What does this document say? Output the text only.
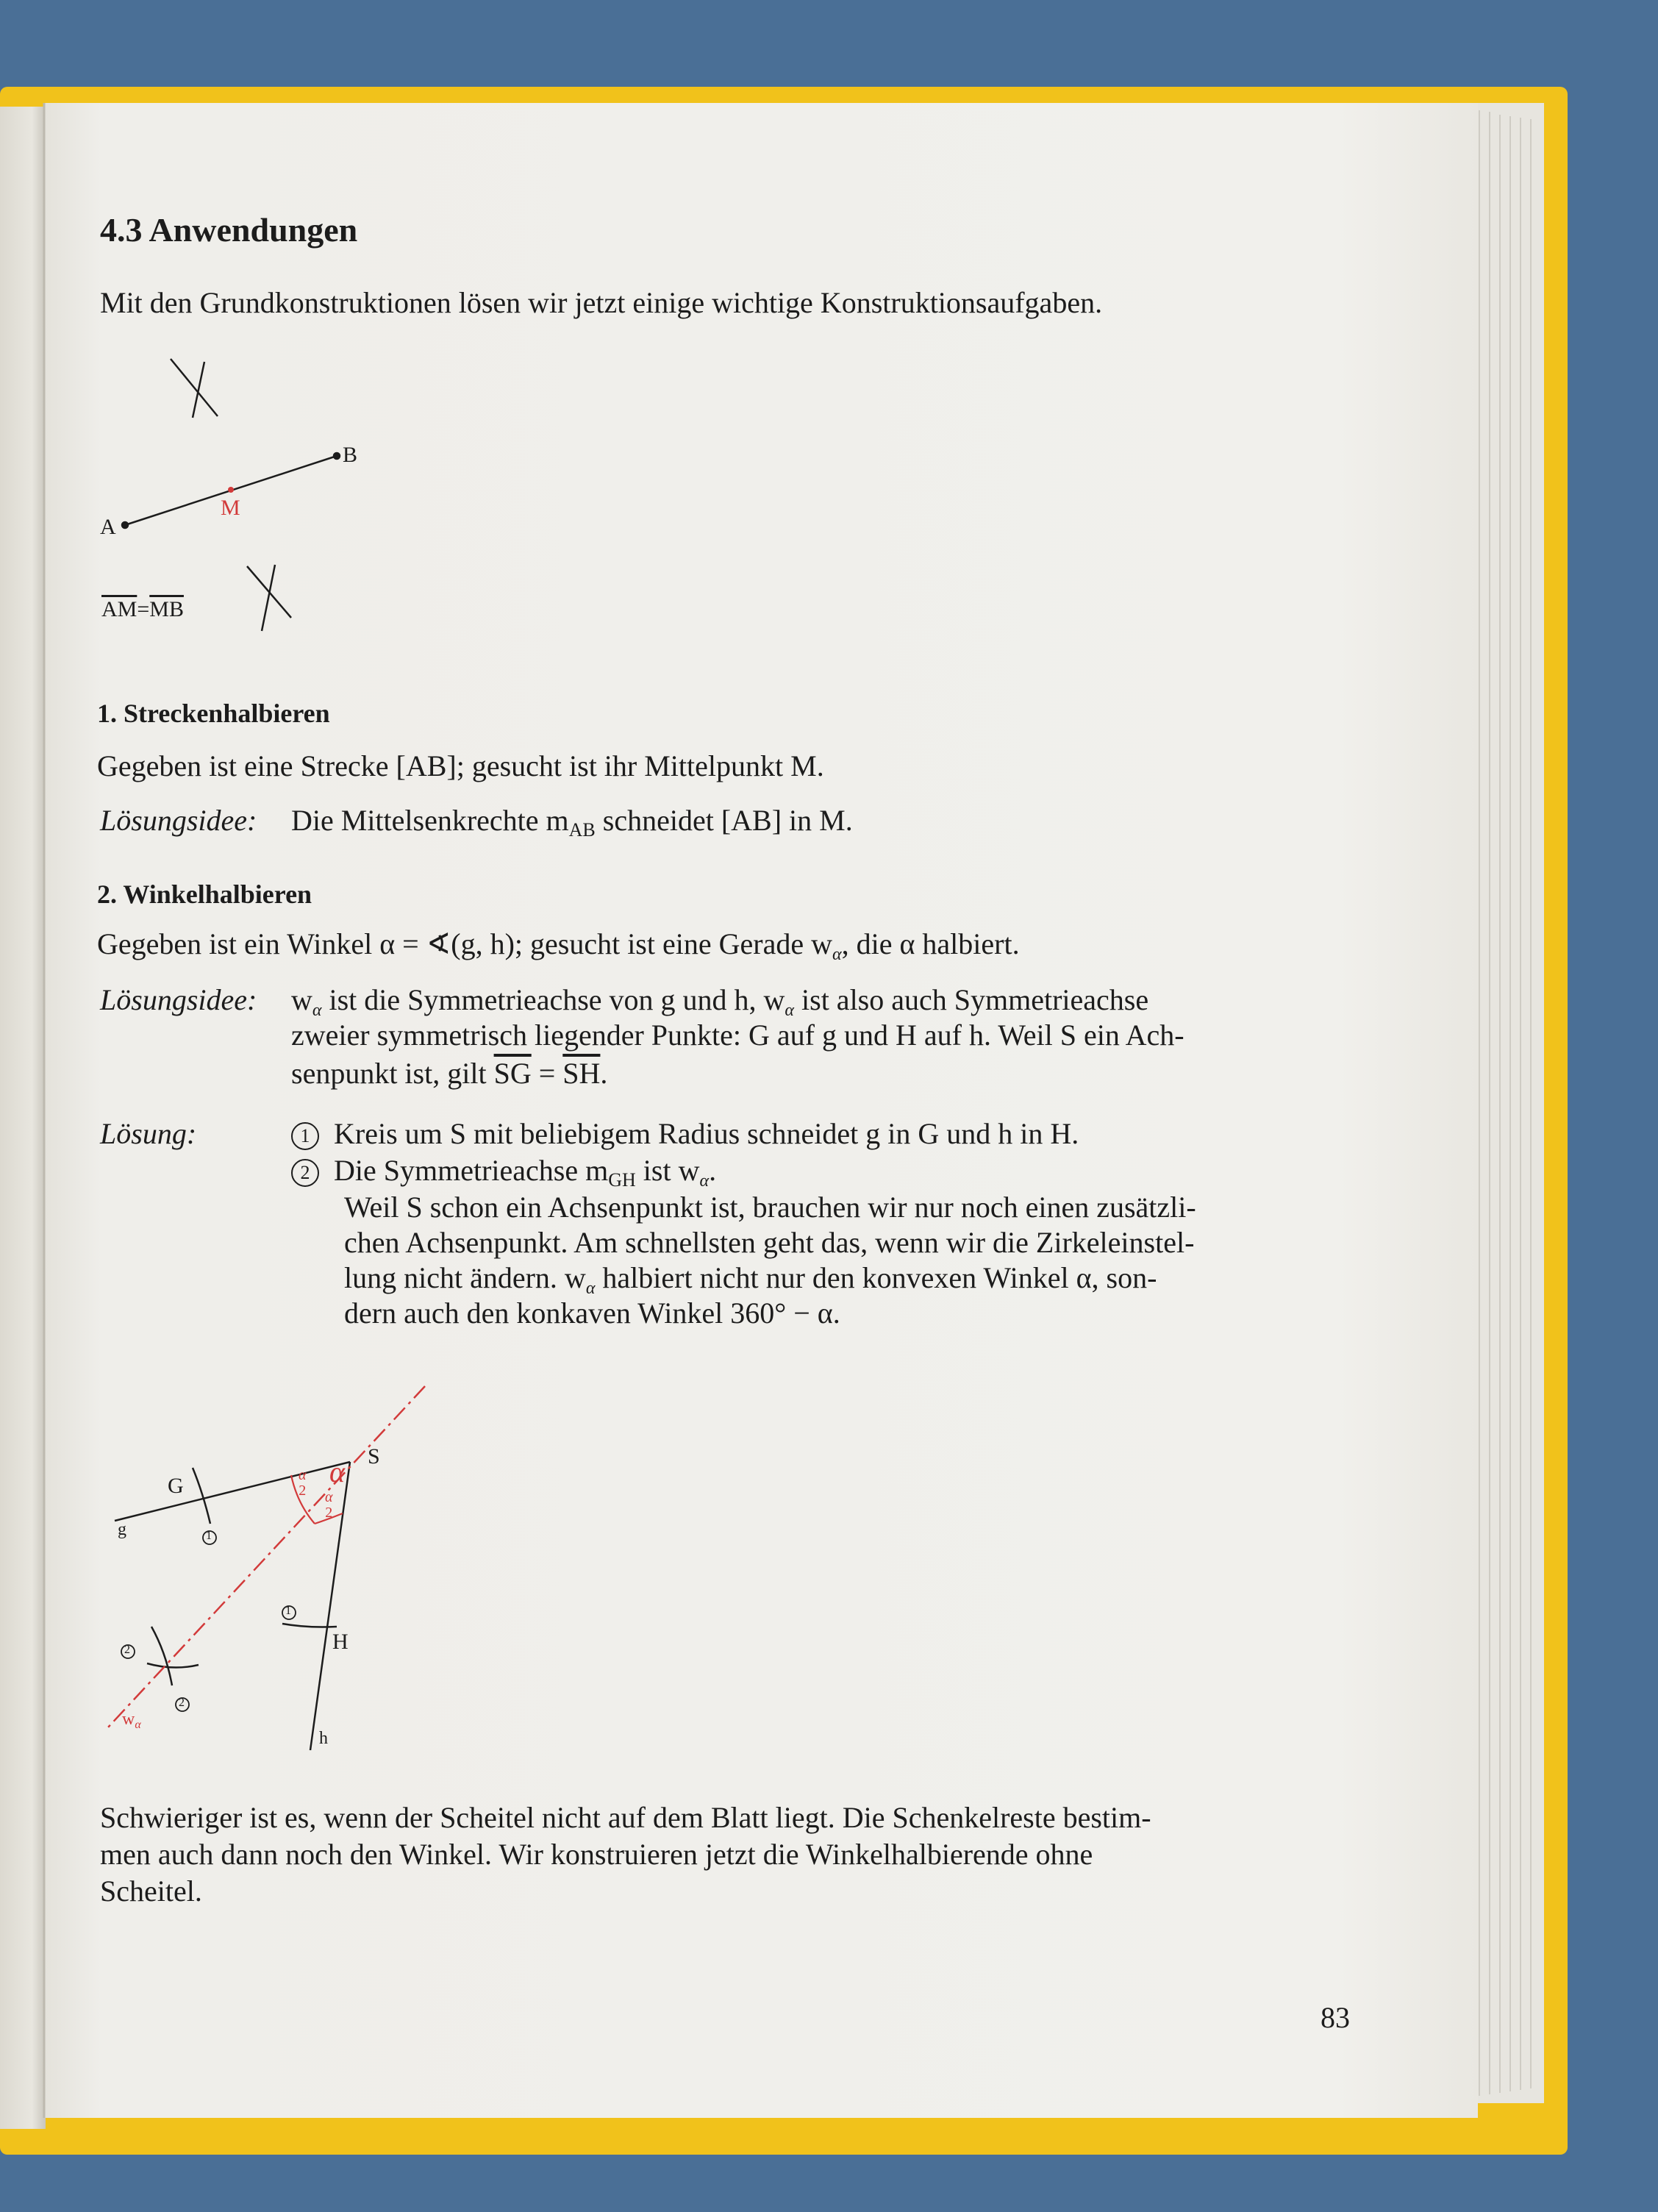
4.3 Anwendungen
Mit den Grundkonstruktionen lösen wir jetzt einige wichtige Konstruktionsaufgaben.
B
A
M
$\overline{AM}=\overline{MB}$
1. Streckenhalbieren
Gegeben ist eine Strecke [AB]; gesucht ist ihr Mittelpunkt M.
Lösungsidee: Die Mittelsenkrechte $m_{AB}$ schneidet [AB] in M.
2. Winkelhalbieren
Gegeben ist ein Winkel α = ∢(g, h); gesucht ist eine Gerade $w_\alpha$, die α halbiert.
Lösungsidee: $w_\alpha$ ist die Symmetrieachse von g und h, $w_\alpha$ ist also auch Symmetrieachse
zweier symmetrisch liegender Punkte: G auf g und H auf h. Weil S ein Ach-
senpunkt ist, gilt $\overline{SG} = \overline{SH}$.
Lösung:	1 Kreis um S mit beliebigem Radius schneidet g in G und h in H.
2 Die Symmetrieachse $m_{GH}$ ist $w_\alpha$.
Weil S schon ein Achsenpunkt ist, brauchen wir nur noch einen zusätzli-
chen Achsenpunkt. Am schnellsten geht das, wenn wir die Zirkeleinstel-
lung nicht ändern. $w_\alpha$ halbiert nicht nur den konvexen Winkel α, son-
dern auch den konkaven Winkel 360° − α.
G
g
S
H
h
α
α
2 α
2
1
1
2
2
$w_\alpha$
Schwieriger ist es, wenn der Scheitel nicht auf dem Blatt liegt. Die Schenkelreste bestim-
men auch dann noch den Winkel. Wir konstruieren jetzt die Winkelhalbierende ohne
Scheitel.
83
